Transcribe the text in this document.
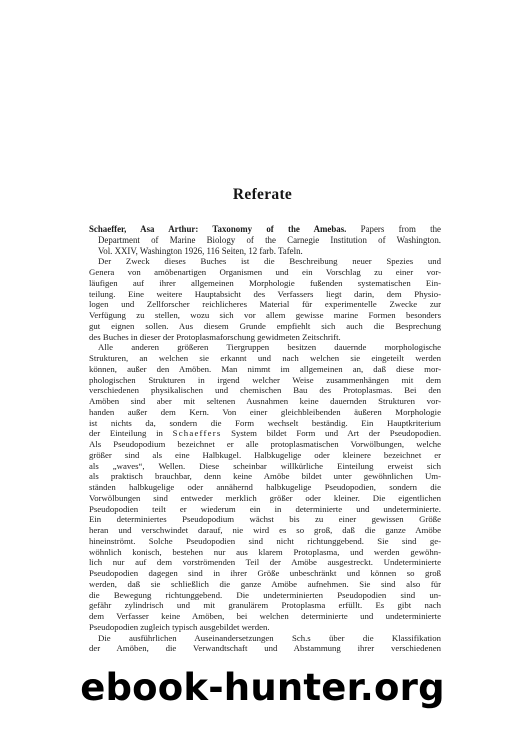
Referate
Schaeffer, Asa Arthur: Taxonomy of the Amebas. Papers from the
Department of Marine Biology of the Carnegie Institution of Washington.
Vol. XXIV, Washington 1926, 116 Seiten, 12 farb. Tafeln.
Der Zweck dieses Buches ist die Beschreibung neuer Spezies und
Genera von amöbenartigen Organismen und ein Vorschlag zu einer vor-
läufigen auf ihrer allgemeinen Morphologie fußenden systematischen Ein-
teilung. Eine weitere Hauptabsicht des Verfassers liegt darin, dem Physio-
logen und Zellforscher reichlicheres Material für experimentelle Zwecke zur
Verfügung zu stellen, wozu sich vor allem gewisse marine Formen besonders
gut eignen sollen. Aus diesem Grunde empfiehlt sich auch die Besprechung
des Buches in dieser der Protoplasmaforschung gewidmeten Zeitschrift.
Alle anderen größeren Tiergruppen besitzen dauernde morphologische
Strukturen, an welchen sie erkannt und nach welchen sie eingeteilt werden
können, außer den Amöben. Man nimmt im allgemeinen an, daß diese mor-
phologischen Strukturen in irgend welcher Weise zusammenhängen mit dem
verschiedenen physikalischen und chemischen Bau des Protoplasmas. Bei den
Amöben sind aber mit seltenen Ausnahmen keine dauernden Strukturen vor-
handen außer dem Kern. Von einer gleichbleibenden äußeren Morphologie
ist nichts da, sondern die Form wechselt beständig. Ein Hauptkriterium
der Einteilung in Schaeffers System bildet Form und Art der Pseudopodien.
Als Pseudopodium bezeichnet er alle protoplasmatischen Vorwölbungen, welche
größer sind als eine Halbkugel. Halbkugelige oder kleinere bezeichnet er
als „waves“, Wellen. Diese scheinbar willkürliche Einteilung erweist sich
als praktisch brauchbar, denn keine Amöbe bildet unter gewöhnlichen Um-
ständen halbkugelige oder annähernd halbkugelige Pseudopodien, sondern die
Vorwölbungen sind entweder merklich größer oder kleiner. Die eigentlichen
Pseudopodien teilt er wiederum ein in determinierte und undeterminierte.
Ein determiniertes Pseudopodium wächst bis zu einer gewissen Größe
heran und verschwindet darauf, nie wird es so groß, daß die ganze Amöbe
hineinströmt. Solche Pseudopodien sind nicht richtunggebend. Sie sind ge-
wöhnlich konisch, bestehen nur aus klarem Protoplasma, und werden gewöhn-
lich nur auf dem vorströmenden Teil der Amöbe ausgestreckt. Undeterminierte
Pseudopodien dagegen sind in ihrer Größe unbeschränkt und können so groß
werden, daß sie schließlich die ganze Amöbe aufnehmen. Sie sind also für
die Bewegung richtunggebend. Die undeterminierten Pseudopodien sind un-
gefähr zylindrisch und mit granulärem Protoplasma erfüllt. Es gibt nach
dem Verfasser keine Amöben, bei welchen determinierte und undeterminierte
Pseudopodien zugleich typisch ausgebildet werden.
Die ausführlichen Auseinandersetzungen Sch.s über die Klassifikation
der Amöben, die Verwandtschaft und Abstammung ihrer verschiedenen
ebook-hunter.org
